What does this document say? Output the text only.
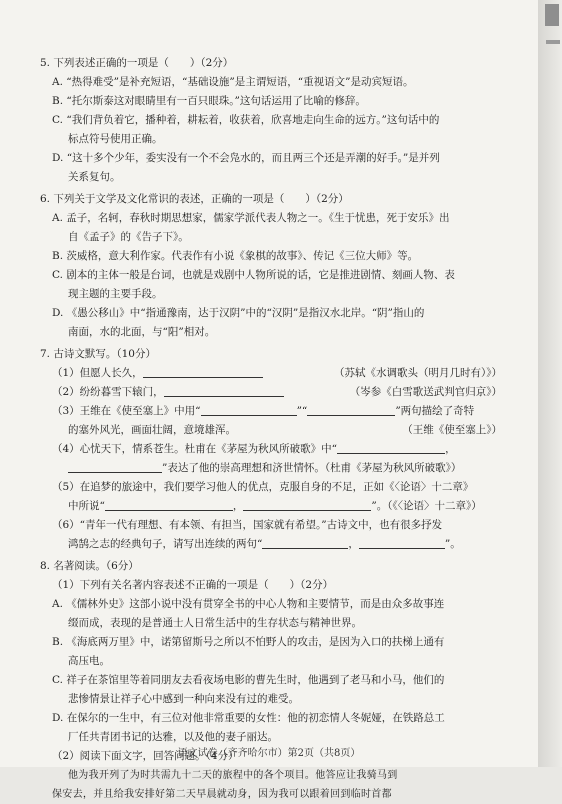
5. 下列表述正确的一项是（　　）（2分）
A. “热得难受”是补充短语，“基础设施”是主谓短语，“重视语文”是动宾短语。
B. “托尔斯泰这对眼睛里有一百只眼珠。”这句话运用了比喻的修辞。
C. “我们背负着它，播种着，耕耘着，收获着，欣喜地走向生命的远方。”这句话中的
标点符号使用正确。
D. “这十多个少年，委实没有一个不会凫水的，而且两三个还是弄潮的好手。”是并列
关系复句。
6. 下列关于文学及文化常识的表述，正确的一项是（　　）（2分）
A. 孟子，名轲，春秋时期思想家，儒家学派代表人物之一。《生于忧患，死于安乐》出
自《孟子》的《告子下》。
B. 茨威格，意大利作家。代表作有小说《象棋的故事》、传记《三位大师》等。
C. 剧本的主体一般是台词，也就是戏剧中人物所说的话，它是推进剧情、刻画人物、表
现主题的主要手段。
D. 《愚公移山》中“指通豫南，达于汉阴”中的“汉阴”是指汉水北岸。“阴”指山的
南面，水的北面，与“阳”相对。
7. 古诗文默写。（10分）
（1）但愿人长久，	（苏轼《水调歌头（明月几时有）》）
（2）纷纷暮雪下辕门，	（岑参《白雪歌送武判官归京》）
（3）王维在《使至塞上》中用“	”“	”两句描绘了奇特
的塞外风光，画面壮阔，意境雄浑。	（王维《使至塞上》）
（4）心忧天下，情系苍生。杜甫在《茅屋为秋风所破歌》中“	，
”表达了他的崇高理想和济世情怀。（杜甫《茅屋为秋风所破歌》）
（5）在追梦的旅途中，我们要学习他人的优点，克服自身的不足，正如《〈论语〉十二章》
中所说“	，	”。（《〈论语〉十二章》）
（6）“青年一代有理想、有本领、有担当，国家就有希望。”古诗文中，也有很多抒发
鸿鹄之志的经典句子，请写出连续的两句“	，	”。
8. 名著阅读。（6分）
（1）下列有关名著内容表述不正确的一项是（　　）（2分）
A. 《儒林外史》这部小说中没有贯穿全书的中心人物和主要情节，而是由众多故事连
缀而成，表现的是普通士人日常生活中的生存状态与精神世界。
B. 《海底两万里》中，诺第留斯号之所以不怕野人的攻击，是因为入口的扶梯上通有
高压电。
C. 祥子在茶馆里等着同朋友去看夜场电影的曹先生时，他遇到了老马和小马，他们的
悲惨情景让祥子心中感到一种向来没有过的难受。
D. 在保尔的一生中，有三位对他非常重要的女性：他的初恋情人冬妮娅，在铁路总工
厂任共青团书记的达雅，以及他的妻子丽达。
（2）阅读下面文字，回答问题。（4分）
他为我开列了为时共需九十二天的旅程中的各个项目。他答应让我骑马到
保安去，并且给我安排好第二天早晨就动身，因为我可以跟着回到临时首都
语文试卷（齐齐哈尔市）第2页（共8页）
